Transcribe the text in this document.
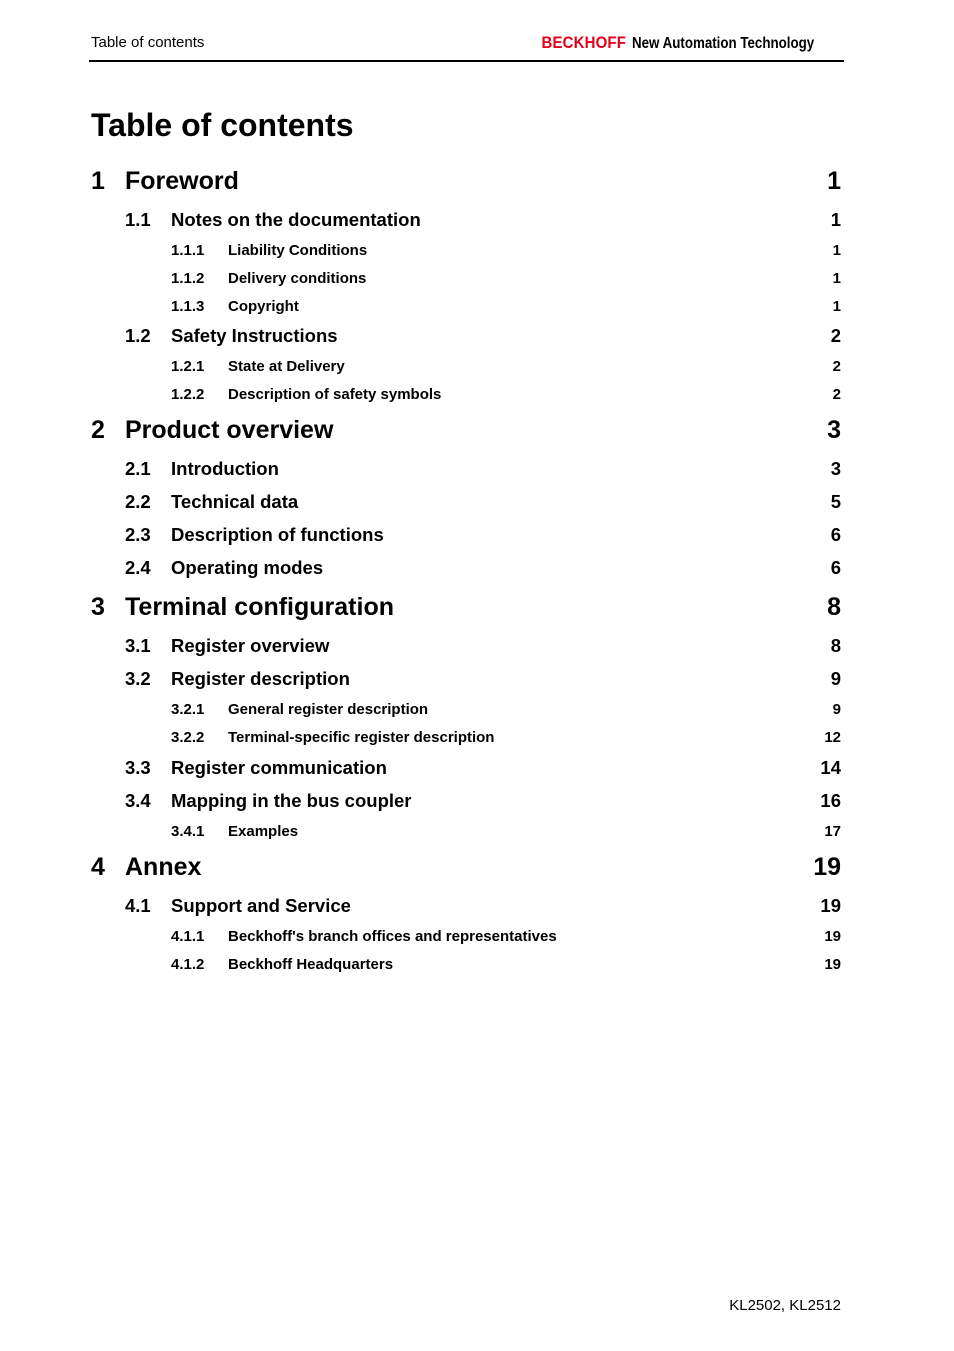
Table of contents	BECKHOFF New Automation Technology
Table of contents
1 Foreword	1
1.1 Notes on the documentation	1
1.1.1 Liability Conditions	1
1.1.2 Delivery conditions	1
1.1.3 Copyright	1
1.2 Safety Instructions	2
1.2.1 State at Delivery	2
1.2.2 Description of safety symbols	2
2 Product overview	3
2.1 Introduction	3
2.2 Technical data	5
2.3 Description of functions	6
2.4 Operating modes	6
3 Terminal configuration	8
3.1 Register overview	8
3.2 Register description	9
3.2.1 General register description	9
3.2.2 Terminal-specific register description	12
3.3 Register communication	14
3.4 Mapping in the bus coupler	16
3.4.1 Examples	17
4 Annex	19
4.1 Support and Service	19
4.1.1 Beckhoff's branch offices and representatives	19
4.1.2 Beckhoff Headquarters	19
KL2502, KL2512
